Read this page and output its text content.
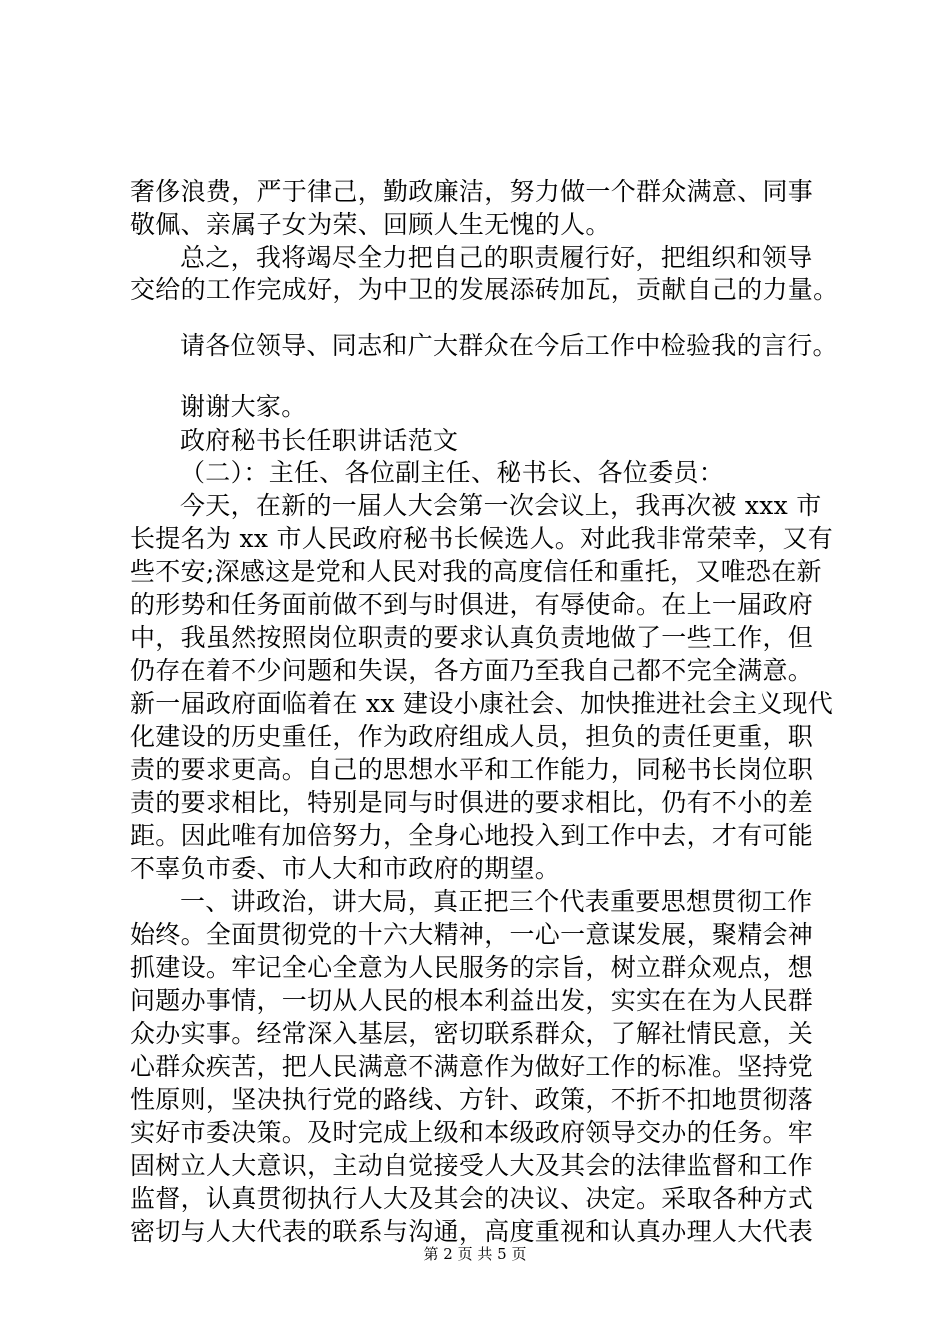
奢侈浪费，严于律己，勤政廉洁，努力做一个群众满意、同事
敬佩、亲属子女为荣、回顾人生无愧的人。
总之，我将竭尽全力把自己的职责履行好，把组织和领导
交给的工作完成好，为中卫的发展添砖加瓦，贡献自己的力量。
请各位领导、同志和广大群众在今后工作中检验我的言行。
谢谢大家。
政府秘书长任职讲话范文
（二）：主任、各位副主任、秘书长、各位委员：
今天，在新的一届人大会第一次会议上，我再次被 xxx 市
长提名为 xx 市人民政府秘书长候选人。对此我非常荣幸，又有
些不安;深感这是党和人民对我的高度信任和重托，又唯恐在新
的形势和任务面前做不到与时俱进，有辱使命。在上一届政府
中，我虽然按照岗位职责的要求认真负责地做了一些工作，但
仍存在着不少问题和失误，各方面乃至我自己都不完全满意。
新一届政府面临着在 xx 建设小康社会、加快推进社会主义现代
化建设的历史重任，作为政府组成人员，担负的责任更重，职
责的要求更高。自己的思想水平和工作能力，同秘书长岗位职
责的要求相比，特别是同与时俱进的要求相比，仍有不小的差
距。因此唯有加倍努力，全身心地投入到工作中去，才有可能
不辜负市委、市人大和市政府的期望。
一、讲政治，讲大局，真正把三个代表重要思想贯彻工作
始终。全面贯彻党的十六大精神，一心一意谋发展，聚精会神
抓建设。牢记全心全意为人民服务的宗旨，树立群众观点，想
问题办事情，一切从人民的根本利益出发，实实在在为人民群
众办实事。经常深入基层，密切联系群众，了解社情民意，关
心群众疾苦，把人民满意不满意作为做好工作的标准。坚持党
性原则，坚决执行党的路线、方针、政策，不折不扣地贯彻落
实好市委决策。及时完成上级和本级政府领导交办的任务。牢
固树立人大意识，主动自觉接受人大及其会的法律监督和工作
监督，认真贯彻执行人大及其会的决议、决定。采取各种方式
密切与人大代表的联系与沟通，高度重视和认真办理人大代表
第 2 页 共 5 页
